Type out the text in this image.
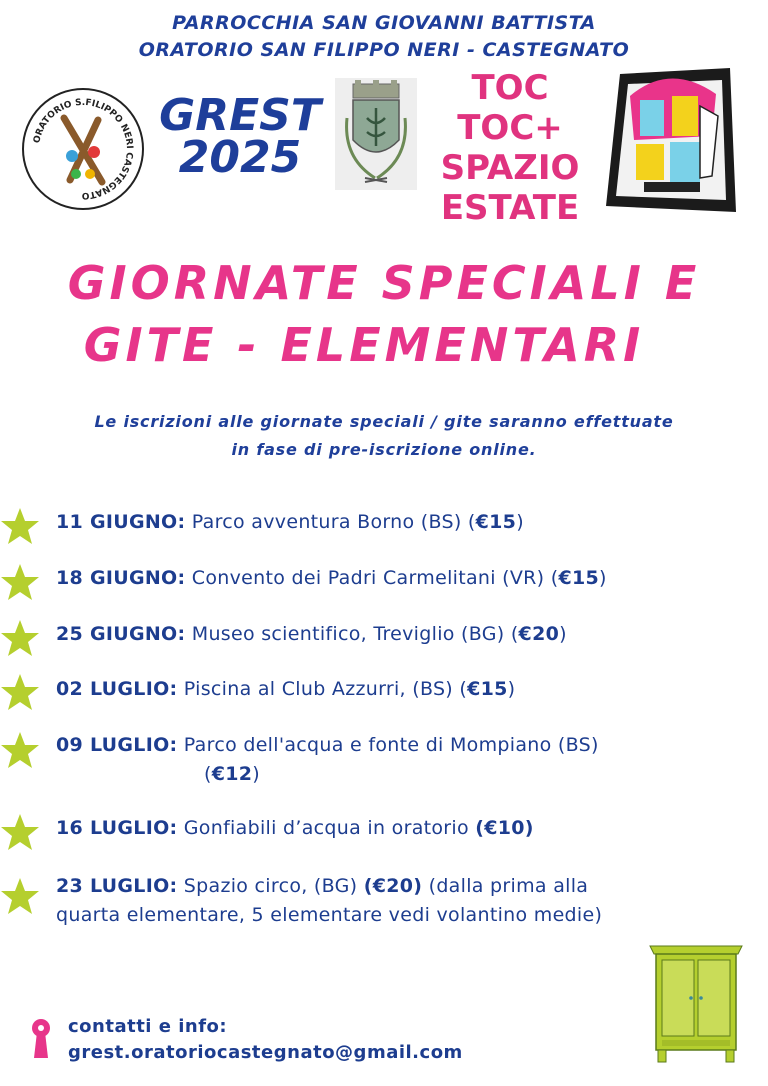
PARROCCHIA SAN GIOVANNI BATTISTA
ORATORIO SAN FILIPPO NERI - CASTEGNATO
ORATORIO S.FILIPPO NERI CASTEGNATO
GREST
2025
TOC
TOC+
SPAZIO
ESTATE
GIORNATE SPECIALI E
GITE - ELEMENTARI
Le iscrizioni alle giornate speciali / gite saranno effettuate
in fase di pre-iscrizione online.
11 GIUGNO: Parco avventura Borno (BS) (€15)
18 GIUGNO: Convento dei Padri Carmelitani (VR) (€15)
25 GIUGNO: Museo scientifico, Treviglio (BG) (€20)
02 LUGLIO: Piscina al Club Azzurri, (BS) (€15)
09 LUGLIO: Parco dell'acqua e fonte di Mompiano (BS)
(€12)
16 LUGLIO: Gonfiabili d’acqua in oratorio (€10)
23 LUGLIO: Spazio circo, (BG) (€20) (dalla prima alla
quarta elementare, 5 elementare vedi volantino medie)
contatti e info:
grest.oratoriocastegnato@gmail.com
